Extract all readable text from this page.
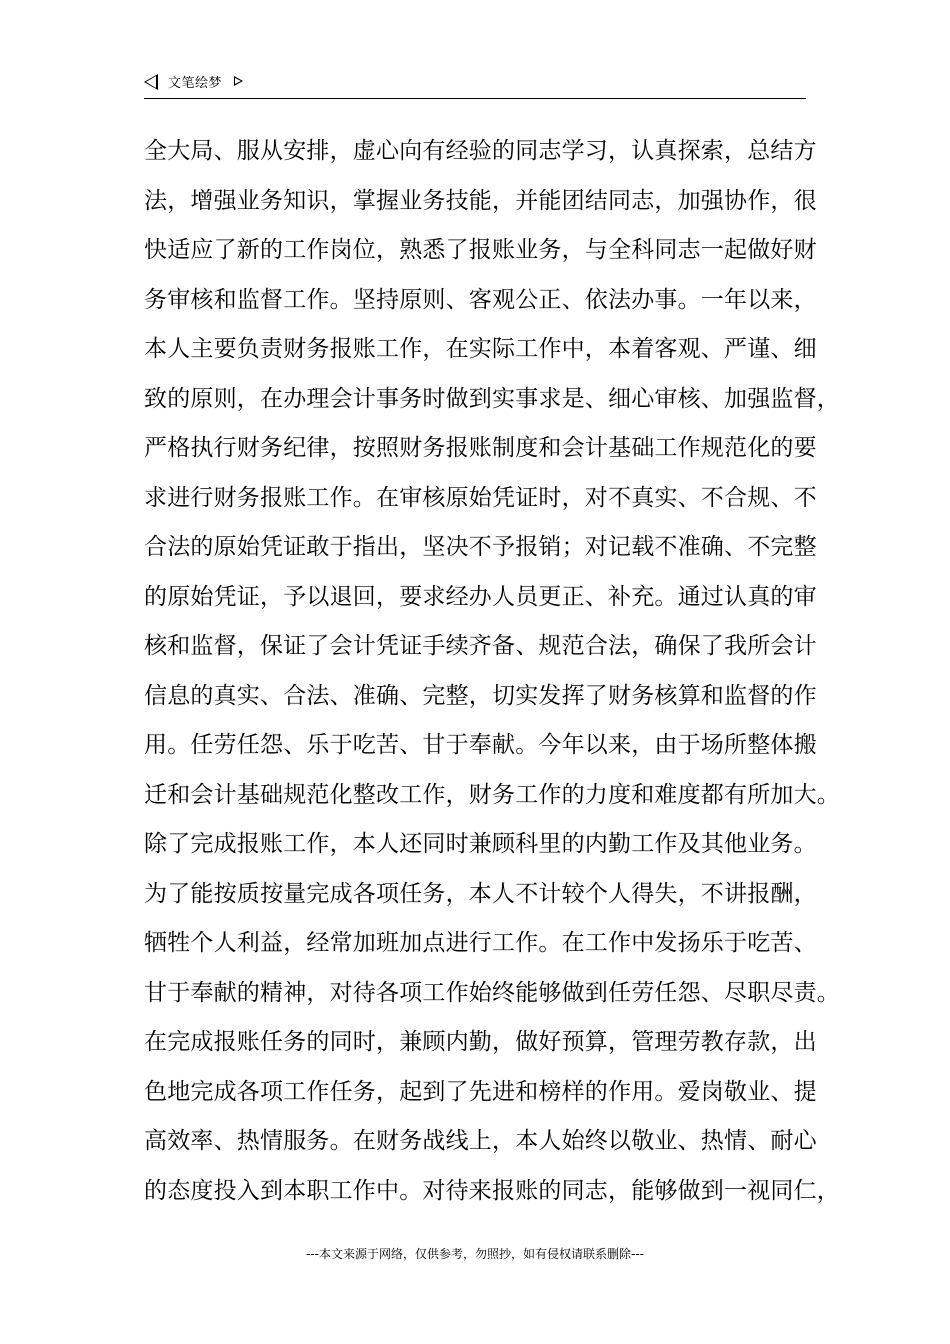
文笔绘梦
全大局、服从安排，虚心向有经验的同志学习，认真探索，总结方
法，增强业务知识，掌握业务技能，并能团结同志，加强协作，很
快适应了新的工作岗位，熟悉了报账业务，与全科同志一起做好财
务审核和监督工作。坚持原则、客观公正、依法办事。一年以来，
本人主要负责财务报账工作，在实际工作中，本着客观、严谨、细
致的原则，在办理会计事务时做到实事求是、细心审核、加强监督，
严格执行财务纪律，按照财务报账制度和会计基础工作规范化的要
求进行财务报账工作。在审核原始凭证时，对不真实、不合规、不
合法的原始凭证敢于指出，坚决不予报销；对记载不准确、不完整
的原始凭证，予以退回，要求经办人员更正、补充。通过认真的审
核和监督，保证了会计凭证手续齐备、规范合法，确保了我所会计
信息的真实、合法、准确、完整，切实发挥了财务核算和监督的作
用。任劳任怨、乐于吃苦、甘于奉献。今年以来，由于场所整体搬
迁和会计基础规范化整改工作，财务工作的力度和难度都有所加大。
除了完成报账工作，本人还同时兼顾科里的内勤工作及其他业务。
为了能按质按量完成各项任务，本人不计较个人得失，不讲报酬，
牺牲个人利益，经常加班加点进行工作。在工作中发扬乐于吃苦、
甘于奉献的精神，对待各项工作始终能够做到任劳任怨、尽职尽责。
在完成报账任务的同时，兼顾内勤，做好预算，管理劳教存款，出
色地完成各项工作任务，起到了先进和榜样的作用。爱岗敬业、提
高效率、热情服务。在财务战线上，本人始终以敬业、热情、耐心
的态度投入到本职工作中。对待来报账的同志，能够做到一视同仁，
---本文来源于网络，仅供参考，勿照抄，如有侵权请联系删除---
